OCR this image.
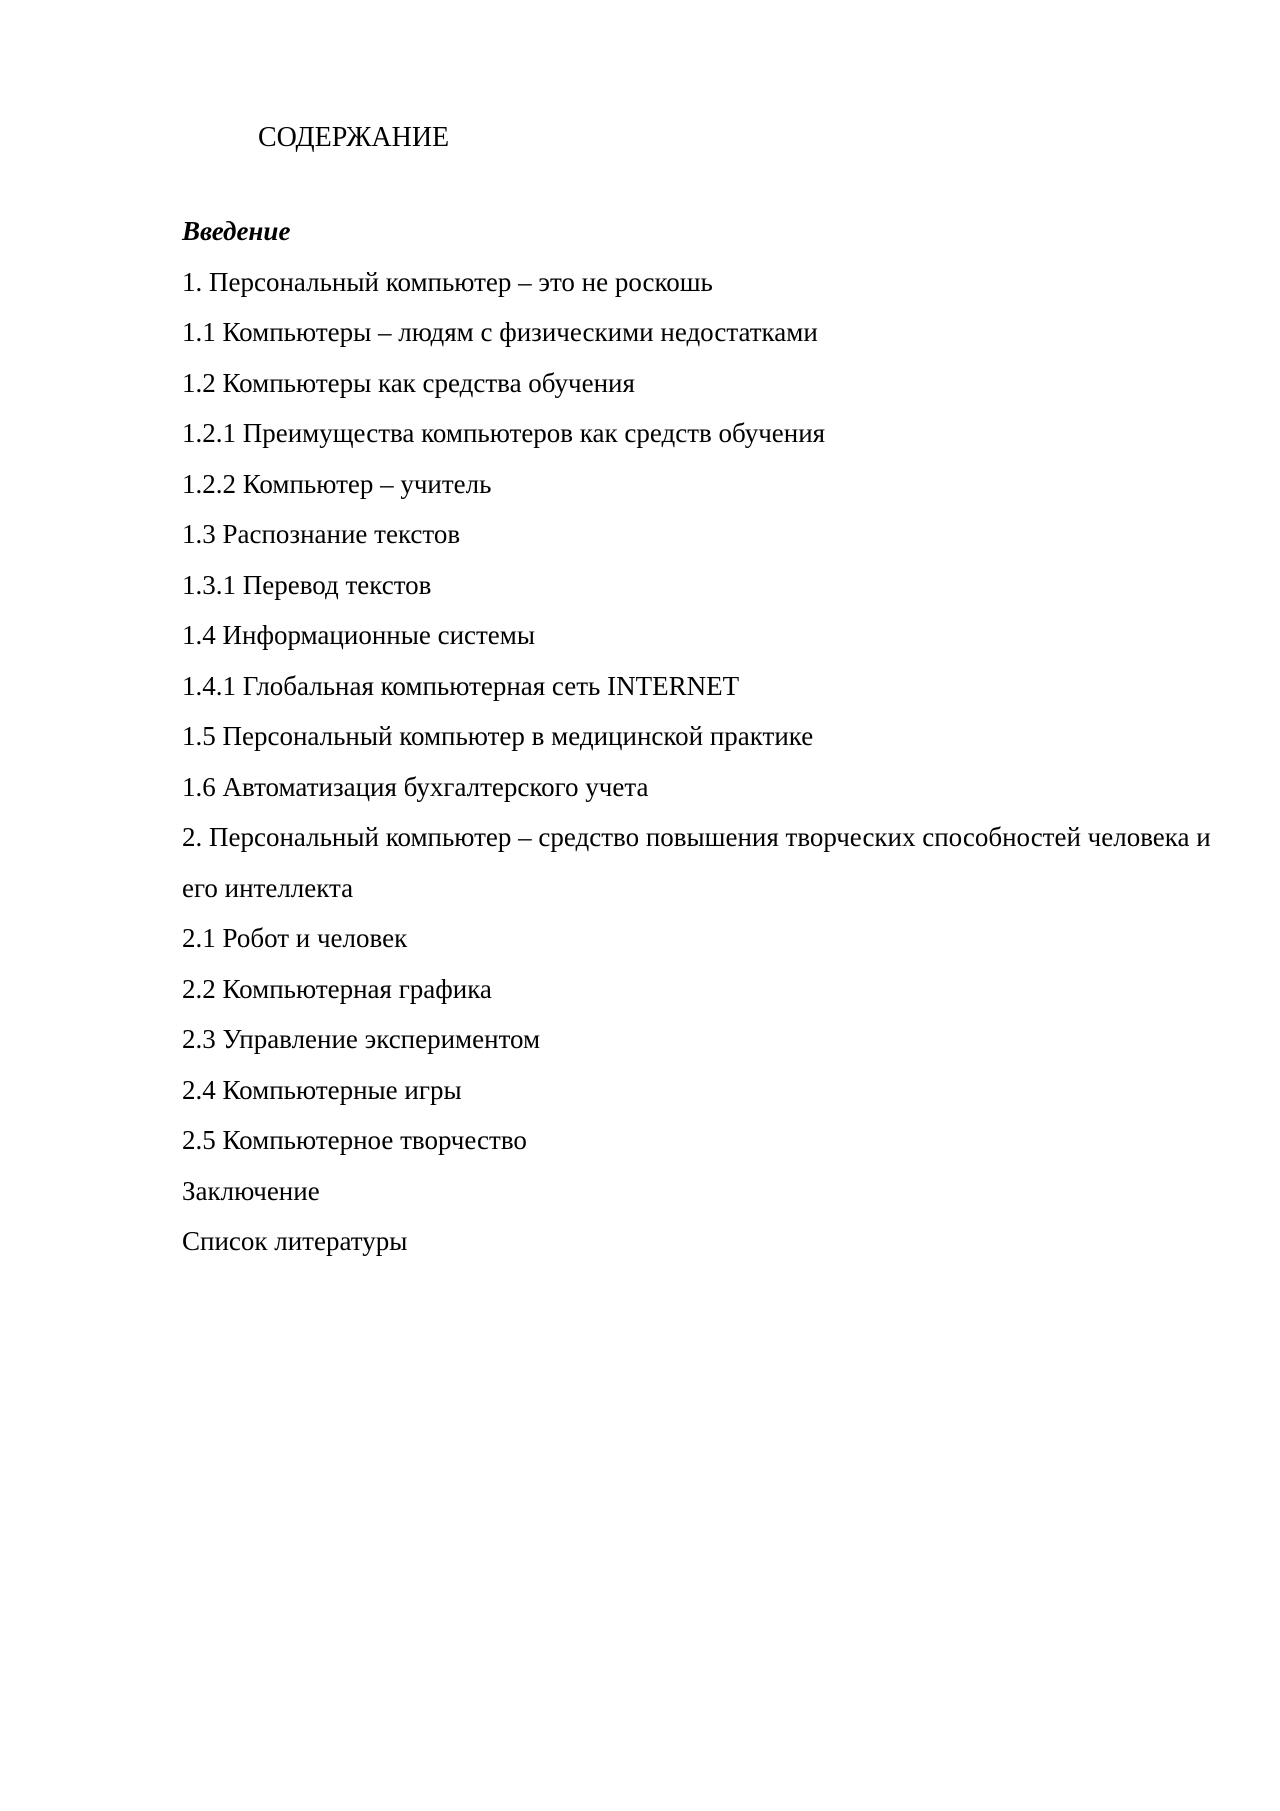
СОДЕРЖАНИЕ
Введение
1. Персональный компьютер – это не роскошь
1.1 Компьютеры – людям с физическими недостатками
1.2 Компьютеры как средства обучения
1.2.1 Преимущества компьютеров как средств обучения
1.2.2 Компьютер – учитель
1.3 Распознание текстов
1.3.1 Перевод текстов
1.4 Информационные системы
1.4.1 Глобальная компьютерная сеть INTERNET
1.5 Персональный компьютер в медицинской практике
1.6 Автоматизация бухгалтерского учета
2. Персональный компьютер – средство повышения творческих способностей человека и его интеллекта
2.1 Робот и человек
2.2 Компьютерная графика
2.3 Управление экспериментом
2.4 Компьютерные игры
2.5 Компьютерное творчество
Заключение
Список литературы
